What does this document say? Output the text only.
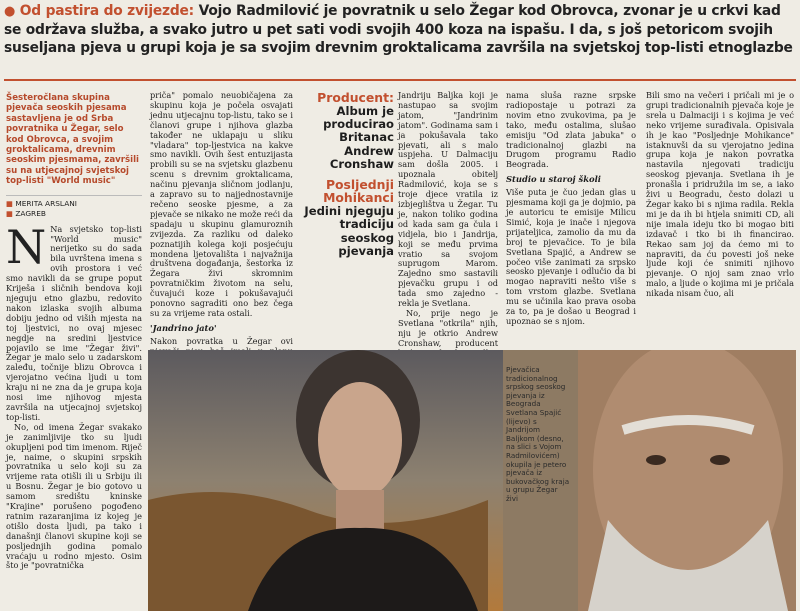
● Od pastira do zvijezde: Vojo Radmilović je povratnik u selo Žegar kod Obrovca, zvonar je u crkvi kad se održava služba, a svako jutro u pet sati vodi svojih 400 koza na ispašu. I da, s još petoricom svojih suseljana pjeva u grupi koja je sa svojim drevnim groktalicama završila na svjetskoj top-listi etnoglazbe
Šesteročlana skupina pjevača seoskih pjesama sastavljena je od Srba povratnika u Žegar, selo kod Obrovca, a svojim groktalicama, drevnim seoskim pjesmama, završili su na utjecajnoj svjetskoj top-listi "World music"
■ MERITA ARSLANI
■ ZAGREB
N Na svjetsko top-listi "World music" nerijetko su do sada bila uvrštena imena s ovih prostora i već smo navikli da se grupe poput Kriješa i sličnih bendova koji njeguju etno glazbu, redovito nakon izlaska svojih albuma dobiju jedno od viših mjesta na toj ljestvici, no ovaj mjesec negdje na sredini ljestvice pojavilo se ime "Žegar živi". Žegar je malo selo u zadarskom zaleđu, točnije blizu Obrovca i vjerojatno većina ljudi u tom kraju ni ne zna da je grupa koja nosi ime njihovog mjesta završila na utjecajnoj svjetskoj top-listi.

No, od imena Žegar svakako je zanimljivije tko su ljudi okupljeni pod tim imenom. Riječ je, naime, o skupini srpskih povratnika u selo koji su za vrijeme rata otišli ili u Srbiju ili u Bosnu. Žegar je bio gotovo u samom središtu kninske "Krajine" porušeno pogođeno ratnim razaranjima iz kojeg je otišlo dosta ljudi, pa tako i današnji članovi skupine koji se posljednjih godina pomalo vraćaju u rodno mjesto. Osim što je "povratnička

priča" pomalo neuobičajena za skupinu koja je počela osvajati jednu utjecajnu top-listu, tako se i članovi grupe i njihova glazba također ne uklapaju u sliku "vladara" top-ljestvica na kakve smo navikli. Ovih šest entuzijasta probili su se na svjetsku glazbenu scenu s drevnim groktalicama, načinu pjevanja sličnom jodlanju, a zapravo su to najjednostavnije rečeno seoske pjesme, a za pjevače se nikako ne može reći da spadaju u skupinu glamuroznih zvijezda. Za razliku od daleko poznatijih kolega koji posjećuju mondena ljetovališta i najvažnija društvena događanja, šestorka iz Žegara živi skromnim povratničkim životom na selu, čuvajući koze i pokušavajući ponovno sagraditi ono bez čega su za vrijeme rata ostali.

'Jandrino jato'

Nakon povratka u Žegar ovi

Producent:
Album je producirao Britanac Andrew Cronshaw
Posljednji Mohikanci
Jedini njeguju tradiciju seoskog pjevanja

Jandriju Baljka koji je nastupao sa svojim jatom, "Jandrinim jatom". Godinama sam i ja pokušavala tako pjevati, ali s malo uspjeha. U Dalmaciju sam došla 2005. i upoznala obitelj Radmilović, koja se s troje djece vratila iz izbjeglištva u Žegar. Tu je, nakon toliko godina od kada sam ga čula i vidjela, bio i Jandrija, koji se među prvima vratio sa svojom suprugom Marom. Zajedno smo sastavili pjevačku grupu i od tada smo zajedno - rekla je Svetlana.

No, prije nego je Svetlana "otkrila" njih, nju je otkrio Andrew Cronshaw, producent

nama sluša razne srpske radiopostaje u potrazi za novim etno zvukovima, pa je tako, među ostalima, slušao emisiju "Od zlata jabuka" o tradicionalnoj glazbi na Drugom programu Radio Beograda.

Studio u staroj školi

Više puta je čuo jedan glas u pjesmama koji ga je dojmio, pa je autoricu te emisije Milicu Simić, koja je inače i njegova prijateljica, zamolio da mu da broj te pjevačice. To je bila Svetlana Spajić, a Andrew se počeo više zanimati za srpsko seosko pjevanje i odlučio da bi mogao napraviti nešto više s tom vrstom glazbe. Svetlana mu se učinila kao prava osoba za to, pa je došao u Beograd i upoznao se s njom.

Bili smo na večeri i pričali mi je o grupi tradicionalnih pjevača koje je srela u Dalmaciji i s kojima je već neko vrijeme surađivala. Opisivala ih je kao "Posljednje Mohikance" istaknuvši da su vjerojatno jedina grupa koja je nakon povratka nastavila njegovati tradiciju seoskog pjevanja. Svetlana ih je pronašla i pridružila im se, a iako živi u Beogradu, često dolazi u Žegar kako bi s njima radila. Rekla mi je da ih bi htjela snimiti CD, ali nije imala ideju tko bi mogao biti izdavač i tko bi ih financirao. Rekao sam joj da ćemo mi to napraviti, da ću povesti još neke ljude koji će snimiti njihovo pjevanje. O njoj sam znao vrlo malo, a ljude o kojima mi je pričala nikada nisam čuo, ali

Pjevačica tradicionalnog srpskog seoskog pjevanja iz Beograda Svetlana Spajić (lijevo) s Jandrijom Baljkom (desno, na slici s Vojom Radmilovićem) okupila je petero pjevača iz bukovačkog kraja u grupu Žegar živi
